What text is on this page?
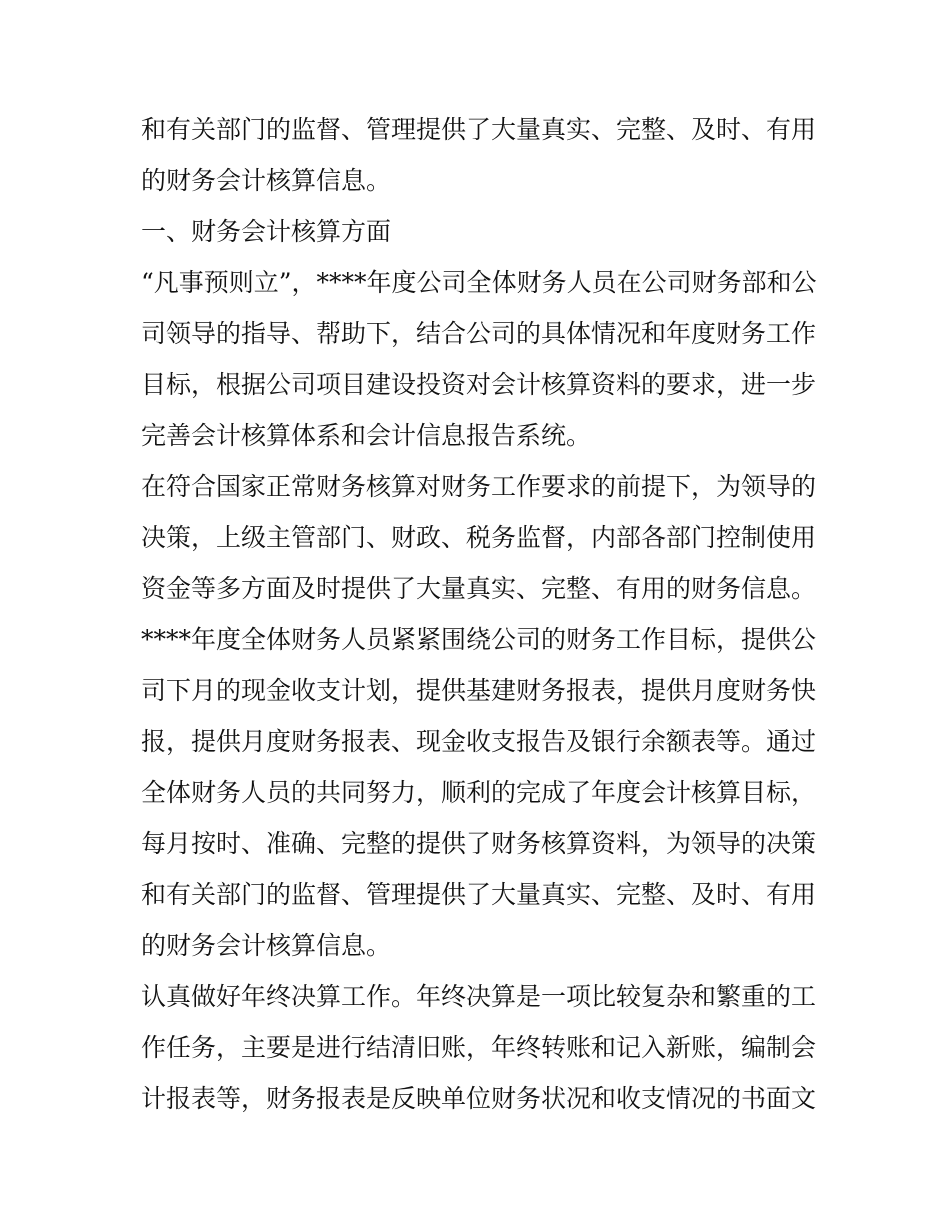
和有关部门的监督、管理提供了大量真实、完整、及时、有用
的财务会计核算信息。
一、财务会计核算方面
“凡事预则立”，****年度公司全体财务人员在公司财务部和公
司领导的指导、帮助下，结合公司的具体情况和年度财务工作
目标，根据公司项目建设投资对会计核算资料的要求，进一步
完善会计核算体系和会计信息报告系统。
在符合国家正常财务核算对财务工作要求的前提下，为领导的
决策，上级主管部门、财政、税务监督，内部各部门控制使用
资金等多方面及时提供了大量真实、完整、有用的财务信息。
****年度全体财务人员紧紧围绕公司的财务工作目标，提供公
司下月的现金收支计划，提供基建财务报表，提供月度财务快
报，提供月度财务报表、现金收支报告及银行余额表等。通过
全体财务人员的共同努力，顺利的完成了年度会计核算目标，
每月按时、准确、完整的提供了财务核算资料，为领导的决策
和有关部门的监督、管理提供了大量真实、完整、及时、有用
的财务会计核算信息。
认真做好年终决算工作。年终决算是一项比较复杂和繁重的工
作任务，主要是进行结清旧账，年终转账和记入新账，编制会
计报表等，财务报表是反映单位财务状况和收支情况的书面文
